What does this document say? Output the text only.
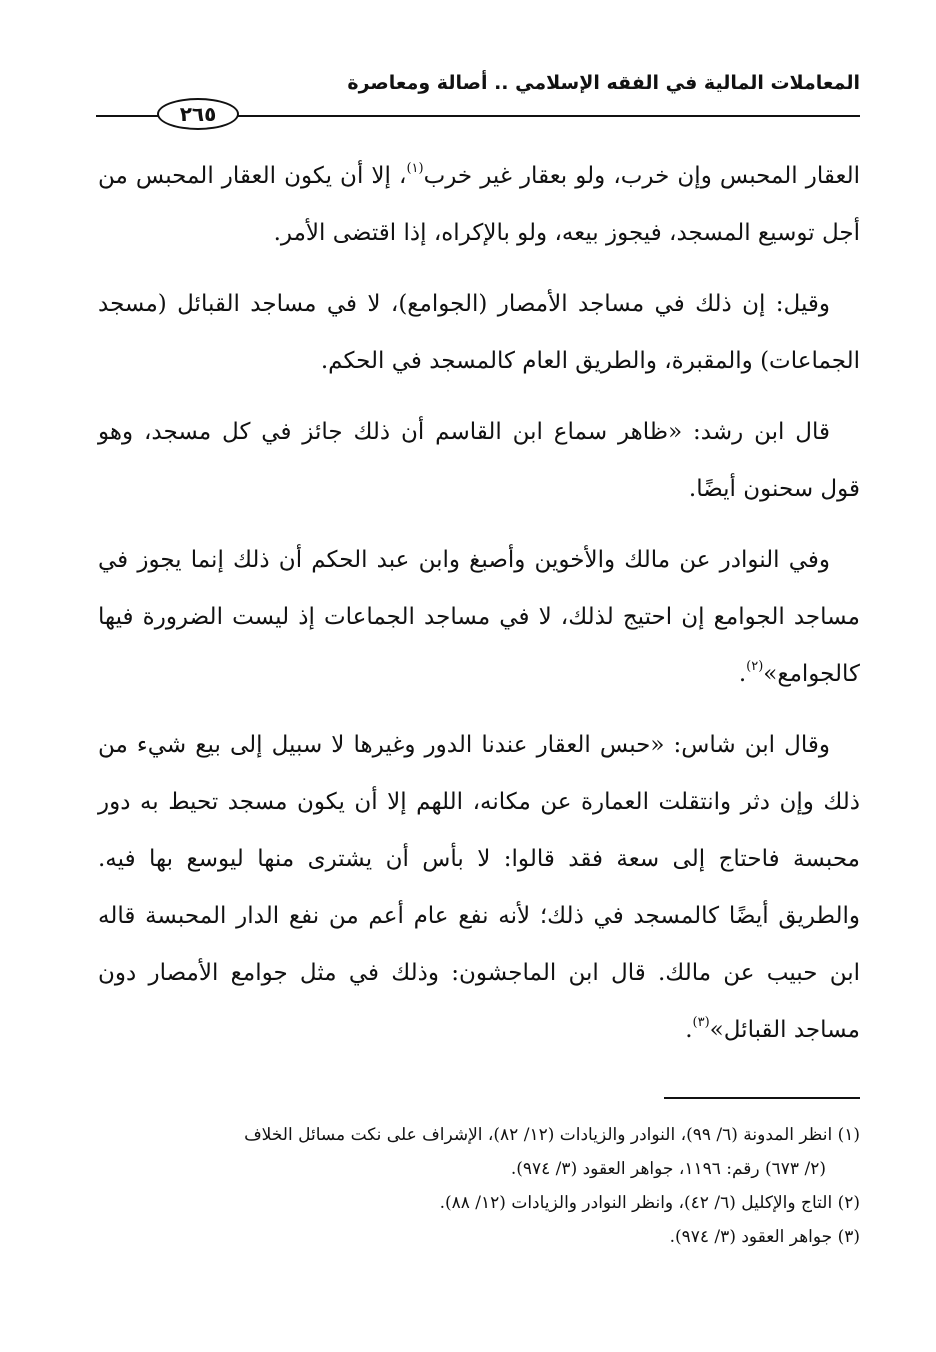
المعاملات المالية في الفقه الإسلامي .. أصالة ومعاصرة
٢٦٥

العقار المحبس وإن خرب، ولو بعقار غير خرب$^{(١)}$، إلا أن يكون العقار المحبس من أجل توسيع المسجد، فيجوز بيعه، ولو بالإكراه، إذا اقتضى الأمر.

وقيل: إن ذلك في مساجد الأمصار (الجوامع)، لا في مساجد القبائل (مسجد الجماعات) والمقبرة، والطريق العام كالمسجد في الحكم.

قال ابن رشد: «ظاهر سماع ابن القاسم أن ذلك جائز في كل مسجد، وهو قول سحنون أيضًا.

وفي النوادر عن مالك والأخوين وأصبغ وابن عبد الحكم أن ذلك إنما يجوز في مساجد الجوامع إن احتيج لذلك، لا في مساجد الجماعات إذ ليست الضرورة فيها كالجوامع»$^{(٢)}$.

وقال ابن شاس: «حبس العقار عندنا الدور وغيرها لا سبيل إلى بيع شيء من ذلك وإن دثر وانتقلت العمارة عن مكانه، اللهم إلا أن يكون مسجد تحيط به دور محبسة فاحتاج إلى سعة فقد قالوا: لا بأس أن يشترى منها ليوسع بها فيه. والطريق أيضًا كالمسجد في ذلك؛ لأنه نفع عام أعم من نفع الدار المحبسة قاله ابن حبيب عن مالك. قال ابن الماجشون: وذلك في مثل جوامع الأمصار دون مساجد القبائل»$^{(٣)}$.

(١) انظر المدونة (٦/ ٩٩)، النوادر والزيادات (١٢/ ٨٢)، الإشراف على نكت مسائل الخلاف

(٢/ ٦٧٣) رقم: ١١٩٦، جواهر العقود (٣/ ٩٧٤).

(٢) التاج والإكليل (٦/ ٤٢)، وانظر النوادر والزيادات (١٢/ ٨٨).

(٣) جواهر العقود (٣/ ٩٧٤).
